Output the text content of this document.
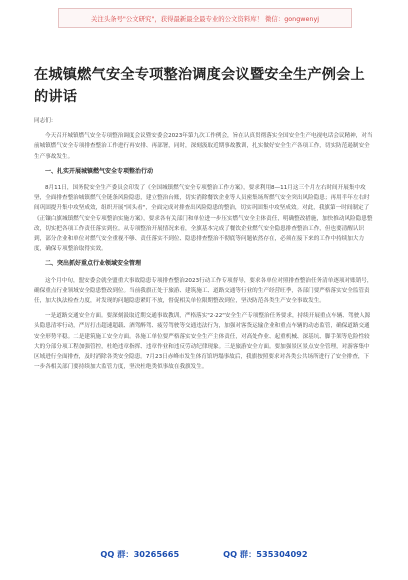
关注头条号"公文研究"，获得最新最全最专业的公文资料库！ 微信：gongwenyj
在城镇燃气安全专项整治调度会议暨安全生产例会上的讲话

同志们：

今天召开城镇燃气安全专项整治调度会议暨安委会2023年第九次工作例会，旨在认真贯彻落实全国安全生产电视电话会议精神，对当前城镇燃气安全专项排查整治工作进行再安排、再部署，同时，深刻汲取近期事故教训，扎实做好安全生产各项工作，切实防范遏制安全生产事故发生。

一、扎实开展城镇燃气安全专项整治行动

8月11日，国务院安全生产委员会印发了《全国城镇燃气安全专项整治工作方案》，要求利用8—11月这三个月左右时间开展集中攻坚，全面排查整治城镇燃气全链条风险隐患，建立整治台账，切实消除餐饮企业等人员密集场所燃气安全突出风险隐患；再用半年左右时间巩固提升集中攻坚成效，组织开展"回头看"，全面完成对排查出风险隐患的整治，切实巩固集中攻坚成效。对此，我旗第一时间制定了《正镶白旗城镇燃气安全专项整治实施方案》，要求各有关部门和单位进一步压实燃气安全主体责任，明确整改措施，加快推动风险隐患整改，切实把各项工作责任落实到位。从专项整治开展情况来看，全旗基本完成了餐饮企业燃气安全隐患排查整治工作，但也要清醒认识到，部分企业和单位对燃气安全重视不够、责任落实不到位、隐患排查整治不彻底等问题依然存在，必须在接下来的工作中持续加大力度，确保专项整治取得实效。

二、突出抓好重点行业领域安全管理

这个月中旬，盟安委会就全盟重大事故隐患专项排查整治2023行动工作专项督导，要求各单位对照排查整治任务清单逐项对账销号，确保重点行业领域安全隐患整改到位。当前我旗正处于旅游、建筑施工、道路交通等行业的生产经营旺季，各部门要严格落实安全监管责任，加大执法检查力度，对发现的问题隐患紧盯不放，督促相关单位限期整改到位，坚决防范各类生产安全事故发生。

一是道路交通安全方面。要深刻汲取近期交通事故教训，严格落实"2·22"安全生产专项整治任务要求，持续开展重点车辆、驾驶人源头隐患清零行动，严厉打击超速超载、酒驾醉驾、疲劳驾驶等交通违法行为，加强对客货运输企业和重点车辆的动态监管，确保道路交通安全形势平稳。二是建筑施工安全方面。各施工单位要严格落实安全生产主体责任，对高处作业、起重机械、深基坑、脚手架等危险性较大的分部分项工程加强管控，杜绝违章指挥、违章作业和违反劳动纪律现象。三是旅游安全方面。要加强景区景点安全管理，对游客集中区域进行全面排查，及时消除各类安全隐患。7月23日赤峰市发生体育馆坍塌事故后，我旗按照要求对各类公共场所进行了安全排查，下一步各相关部门要持续加大监管力度，坚决杜绝类似事故在我旗发生。

QQ 群：30265665	QQ 群：535304092
